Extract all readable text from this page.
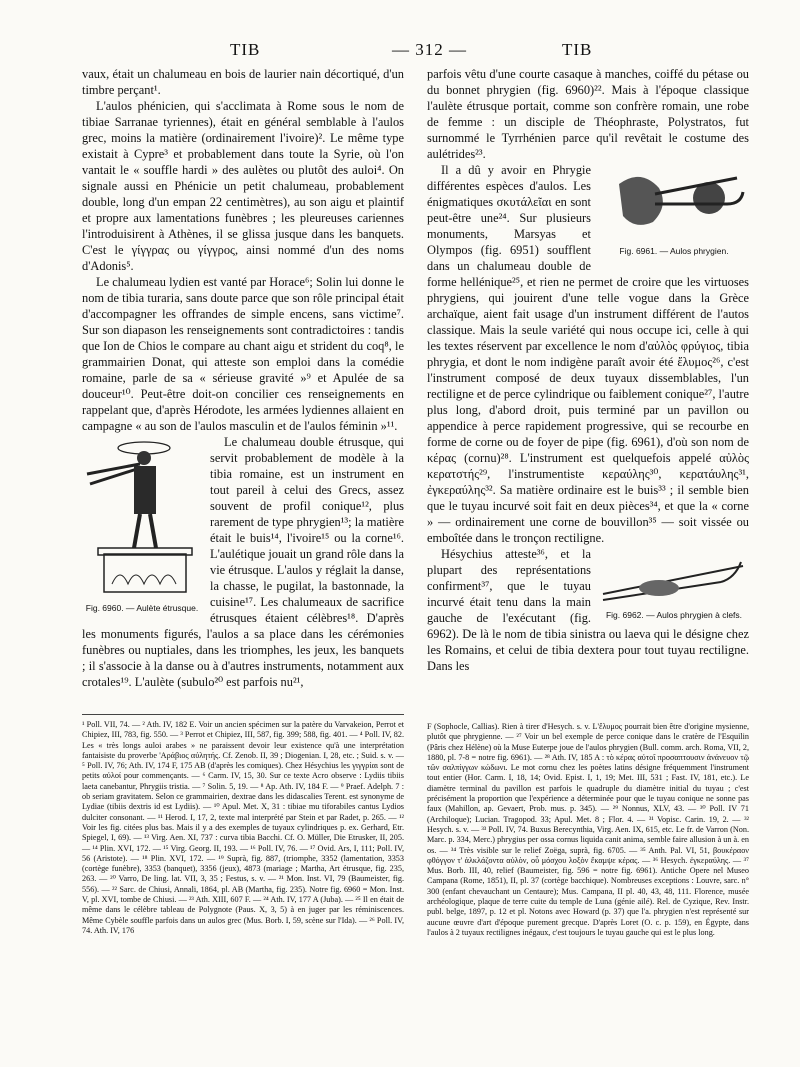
TIB	— 312 —	TIB

vaux, était un chalumeau en bois de laurier nain décortiqué, d'un timbre perçant¹.

L'aulos phénicien, qui s'acclimata à Rome sous le nom de tibiae Sarranae tyriennes), était en général semblable à l'aulos grec, moins la matière (ordinairement l'ivoire)². Le même type existait à Cypre³ et probablement dans toute la Syrie, où l'on vantait le « souffle hardi » des aulètes ou plutôt des auloi⁴. On signale aussi en Phénicie un petit chalumeau, probablement double, long d'un empan 22 centimètres), au son aigu et plaintif et propre aux lamentations funèbres ; les pleureuses cariennes l'introduisirent à Athènes, il se glissa jusque dans les banquets. C'est le γίγγρας ou γίγγρος, ainsi nommé d'un des noms d'Adonis⁵.

Le chalumeau lydien est vanté par Horace⁶; Solin lui donne le nom de tibia turaria, sans doute parce que son rôle principal était d'accompagner les offrandes de simple encens, sans victime⁷. Sur son diapason les renseignements sont contradictoires : tandis que Ion de Chios le compare au chant aigu et strident du coq⁸, le grammairien Donat, qui atteste son emploi dans la comédie romaine, parle de sa « sérieuse gravité »⁹ et Apulée de sa douceur¹⁰. Peut-être doit-on concilier ces renseignements en rappelant que, d'après Hérodote, les armées lydiennes allaient en campagne « au son de l'aulos masculin et de l'aulos féminin »¹¹.

Fig. 6960. — Aulète étrusque.

Le chalumeau double étrusque, qui servit probablement de modèle à la tibia romaine, est un instrument en tout pareil à celui des Grecs, assez souvent de profil conique¹², plus rarement de type phrygien¹³; la matière était le buis¹⁴, l'ivoire¹⁵ ou la corne¹⁶. L'aulétique jouait un grand rôle dans la vie étrusque. L'aulos y réglait la danse, la chasse, le pugilat, la bastonnade, la cuisine¹⁷. Les chalumeaux de sacrifice étrusques étaient célèbres¹⁸. D'après les monuments figurés, l'aulos a sa place dans les cérémonies funèbres ou nuptiales, dans les triomphes, les jeux, les banquets ; il s'associe à la danse ou à d'autres instruments, notamment aux crotales¹⁹. L'aulète (subulo²⁰ est parfois nu²¹,

parfois vêtu d'une courte casaque à manches, coiffé du pétase ou du bonnet phrygien (fig. 6960)²². Mais à l'époque classique l'aulète étrusque portait, comme son confrère romain, une robe de femme : un disciple de Théophraste, Polystratos, fut surnommé le Tyrrhénien parce qu'il revêtait le costume des aulétrides²³.

Fig. 6961. — Aulos phrygien.

Il a dû y avoir en Phrygie différentes espèces d'aulos. Les énigmatiques σκυτάλεῖαι en sont peut-être une²⁴. Sur plusieurs monuments, Marsyas et Olympos (fig. 6951) soufflent dans un chalumeau double de forme hellénique²⁵, et rien ne permet de croire que les virtuoses phrygiens, qui jouirent d'une telle vogue dans la Grèce archaïque, aient fait usage d'un instrument différent de l'autos classique. Mais la seule variété qui nous occupe ici, celle à qui les textes réservent par excellence le nom d'αὐλὸς φρύγιος, tibia phrygia, et dont le nom indigène paraît avoir été ἔλυμος²⁶, c'est l'instrument composé de deux tuyaux dissemblables, l'un rectiligne et de perce cylindrique ou faiblement conique²⁷, l'autre plus long, d'abord droit, puis terminé par un pavillon ou appendice à perce rapidement progressive, qui se recourbe en forme de corne ou de foyer de pipe (fig. 6961), d'où son nom de κέρας (cornu)²⁸. L'instrument est quelquefois appelé αὐλὸς κερατστής²⁹, l'instrumentiste κεραύλης³⁰, κερατάυλης³¹, ἐγκεραύλης³². Sa matière ordinaire est le buis³³ ; il semble bien que le tuyau incurvé soit fait en deux pièces³⁴, et que la « corne » — ordinairement une corne de bouvillon³⁵ — soit vissée ou emboîtée dans le tronçon rectiligne.

Fig. 6962. — Aulos phrygien à clefs.

Hésychius atteste³⁶, et la plupart des représentations confirment³⁷, que le tuyau incurvé était tenu dans la main gauche de l'exécutant (fig. 6962). De là le nom de tibia sinistra ou laeva qui le désigne chez les Romains, et celui de tibia dextera pour tout tuyau rectiligne. Dans les

¹ Poll. VII, 74. — ² Ath. IV, 182 E. Voir un ancien spécimen sur la patère du Varvakeion, Perrot et Chipiez, III, 783, fig. 550. — ³ Perrot et Chipiez, III, 587, fig. 399; 588, fig. 401. — ⁴ Poll. IV, 82. Les « très longs auloi arabes » ne paraissent devoir leur existence qu'à une interprétation fantaisiste du proverbe 'Αράβιος αὐλητής. Cf. Zenob. II, 39 ; Diogenian. I, 28, etc. ; Suid. s. v. — ⁵ Poll. IV, 76; Ath. IV, 174 F, 175 AB (d'après les comiques). Chez Hésychius les γιγγρίαι sont de petits αὐλοί pour commençants. — ⁶ Carm. IV, 15, 30. Sur ce texte Acro observe : Lydiis tibiis laeta canebantur, Phrygiis tristia. — ⁷ Solin. 5, 19. — ⁸ Ap. Ath. IV, 184 F. — ⁹ Praef. Adelph. 7 : ob seriam gravitatem. Selon ce grammairien, dextrae dans les didascalies Terent. est synonyme de Lydiae (tibiis dextris id est Lydiis). — ¹⁰ Apul. Met. X, 31 : tibiae mu tiforabiles cantus Lydios dulciter consonant. — ¹¹ Herod. I, 17, 2, texte mal interprété par Stein et par Radet, p. 265. — ¹² Voir les fig. citées plus bas. Mais il y a des exemples de tuyaux cylindriques p. ex. Gerhard, Etr. Spiegel, I, 69). — ¹³ Virg. Aen. XI, 737 : curva tibia Bacchi. Cf. O. Müller, Die Etrusker, II, 205. — ¹⁴ Plin. XVI, 172. — ¹⁵ Virg. Georg. II, 193. — ¹⁶ Poll. IV, 76. — ¹⁷ Ovid. Ars, I, 111; Poll. IV, 56 (Aristote). — ¹⁸ Plin. XVI, 172. — ¹⁹ Suprà, fig. 887, (triomphe, 3352 (lamentation, 3353 (cortège funèbre), 3353 (banquet), 3356 (jeux), 4873 (mariage ; Martha, Art étrusque, fig. 235, 263. — ²⁰ Varro, De ling. lat. VII, 3, 35 ; Festus, s. v. — ²¹ Mon. Inst. VI, 79 (Baumeister, fig. 556). — ²² Sarc. de Chiusi, Annali, 1864, pl. AB (Martha, fig. 235). Notre fig. 6960 = Mon. Inst. V, pl. XVI, tombe de Chiusi. — ²³ Ath. XIII, 607 F. — ²⁴ Ath. IV, 177 A (Juba). — ²⁵ Il en était de même dans le célèbre tableau de Polygnote (Paus. X, 3, 5) à en juger par les réminiscences. Même Cybèle souffle parfois dans un aulos grec (Mus. Borb. I, 59, scène sur l'Ida). — ²⁶ Poll. IV, 74. Ath. IV, 176
F (Sophocle, Callias). Rien à tirer d'Hesych. s. v. L'ἔλυμος pourrait bien être d'origine mysienne, plutôt que phrygienne. — ²⁷ Voir un bel exemple de perce conique dans le cratère de l'Esquilin (Pâris chez Hélène) où la Muse Euterpe joue de l'aulos phrygien (Bull. comm. arch. Roma, VII, 2, 1880, pl. 7-8 = notre fig. 6961). — ²⁸ Ath. IV, 185 A : τὸ κέρας αὐτοῖ προσαπτουσιν ἀνάνευον τῷ τῶν σαλπίγγων κώδωνι. Le mot cornu chez les poètes latins désigne fréquemment l'instrument tout entier (Hor. Carm. I, 18, 14; Ovid. Epist. I, 1, 19; Met. III, 531 ; Fast. IV, 181, etc.). Le diamètre terminal du pavillon est parfois le quadruple du diamètre initial du tuyau ; c'est précisément la proportion que l'expérience a déterminée pour que le tuyau conique ne sonne pas faux (Mahillon, ap. Gevaert, Prob. mus. p. 345). — ²⁹ Nonnus, XLV, 43. — ³⁰ Poll. IV 71 (Archiloque); Lucian. Tragopod. 33; Apul. Met. 8 ; Flor. 4. — ³¹ Vopisc. Carin. 19, 2. — ³² Hesych. s. v. — ³³ Poll. IV, 74. Buxus Berecynthia, Virg. Aen. IX, 615, etc. Le fr. de Varron (Non. Marc. p. 334, Merc.) phrygius per ossa cornus liquida canit anima, semble faire allusion à un à. en os. — ³⁴ Très visible sur le relief Zoëga, suprà, fig. 6705. — ³⁵ Anth. Pal. VI, 51, βουκέραον φθόγγον τ' ἀλκλάζοντα αὐλὸν, οὗ μόσχου λοξὸν ἔκαμψε κέρας. — ³⁶ Hesych. ἐγκεραύλης. — ³⁷ Mus. Borb. III, 40, relief (Baumeister, fig. 596 = notre fig. 6961). Antiche Opere nel Museo Campana (Rome, 1851), II, pl. 37 (cortège bacchique). Nombreuses exceptions : Louvre, sarc. n° 300 (enfant chevauchant un Centaure); Mus. Campana, II pl. 40, 43, 48, 111. Florence, musée archéologique, plaque de terre cuite du temple de Luna (génie ailé). Rel. de Cyzique, Rev. Instr. publ. belge, 1897, p. 12 et pl. Notons avec Howard (p. 37) que l'a. phrygien n'est représenté sur aucune œuvre d'art d'époque purement grecque. D'après Loret (O. c. p. 159), en Égypte, dans l'aulos à 2 tuyaux rectilignes inégaux, c'est toujours le tuyau gauche qui est le plus long.
